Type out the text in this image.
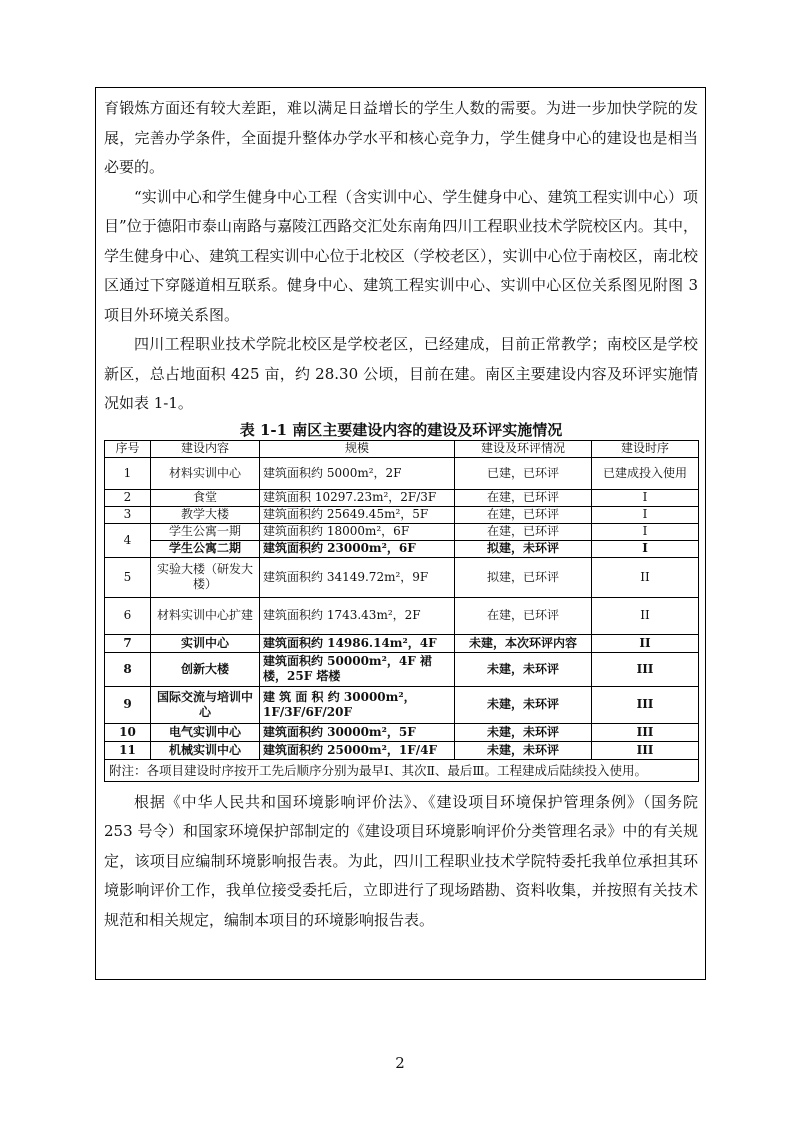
育锻炼方面还有较大差距，难以满足日益增长的学生人数的需要。为进一步加快学院的发展，完善办学条件，全面提升整体办学水平和核心竞争力，学生健身中心的建设也是相当必要的。

“实训中心和学生健身中心工程（含实训中心、学生健身中心、建筑工程实训中心）项目”位于德阳市泰山南路与嘉陵江西路交汇处东南角四川工程职业技术学院校区内。其中，学生健身中心、建筑工程实训中心位于北校区（学校老区），实训中心位于南校区，南北校区通过下穿隧道相互联系。健身中心、建筑工程实训中心、实训中心区位关系图见附图 3 项目外环境关系图。

四川工程职业技术学院北校区是学校老区，已经建成，目前正常教学；南校区是学校新区，总占地面积 425 亩，约 28.30 公顷，目前在建。南区主要建设内容及环评实施情况如表 1-1。

表 1-1 南区主要建设内容的建设及环评实施情况

序号	建设内容	规模	建设及环评情况	建设时序
1	材料实训中心	建筑面积约 5000m²，2F	已建，已环评	已建成投入使用
2	食堂	建筑面积 10297.23m²，2F/3F	在建，已环评	I
3	教学大楼	建筑面积约 25649.45m²，5F	在建，已环评	I
4	学生公寓一期	建筑面积约 18000m²，6F	在建，已环评	I
	学生公寓二期	建筑面积约 23000m²，6F	拟建，未环评	I
5	实验大楼（研发大楼）	建筑面积约 34149.72m²，9F	拟建，已环评	II
6	材料实训中心扩建	建筑面积约 1743.43m²，2F	在建，已环评	II
7	实训中心	建筑面积约 14986.14m²，4F	未建，本次环评内容	II
8	创新大楼	建筑面积约 50000m²，4F 裙楼，25F 塔楼	未建，未环评	III
9	国际交流与培训中心	建 筑 面 积 约 30000m²，1F/3F/6F/20F	未建，未环评	III
10	电气实训中心	建筑面积约 30000m²，5F	未建，未环评	III
11	机械实训中心	建筑面积约 25000m²，1F/4F	未建，未环评	III
附注：各项目建设时序按开工先后顺序分别为最早Ⅰ、其次Ⅱ、最后Ⅲ。工程建成后陆续投入使用。				

根据《中华人民共和国环境影响评价法》、《建设项目环境保护管理条例》（国务院 253 号令）和国家环境保护部制定的《建设项目环境影响评价分类管理名录》中的有关规定，该项目应编制环境影响报告表。为此，四川工程职业技术学院特委托我单位承担其环境影响评价工作，我单位接受委托后，立即进行了现场踏勘、资料收集，并按照有关技术规范和相关规定，编制本项目的环境影响报告表。

2
